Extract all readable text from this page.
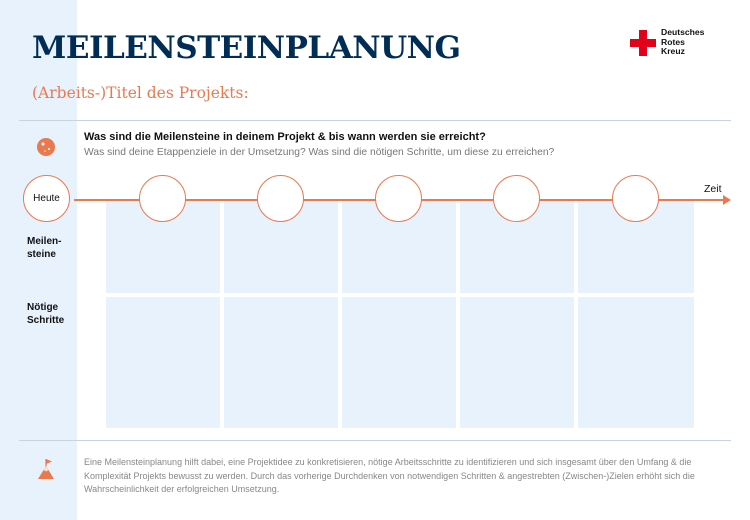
MEILENSTEINPLANUNG
(Arbeits-)Titel des Projekts:
Deutsches
Rotes
Kreuz
Was sind die Meilensteine in deinem Projekt & bis wann werden sie erreicht?
Was sind deine Etappenziele in der Umsetzung? Was sind die nötigen Schritte, um diese zu erreichen?
Zeit
Heute
Meilen-
steine
Nötige
Schritte
Eine Meilensteinplanung hilft dabei, eine Projektidee zu konkretisieren, nötige Arbeitsschritte zu identifizieren und sich insgesamt über den Umfang & die Komplexität Projekts bewusst zu werden. Durch das vorherige Durchdenken von notwendigen Schritten & angestrebten (Zwischen-)Zielen erhöht sich die Wahrscheinlichkeit der erfolgreichen Umsetzung.
